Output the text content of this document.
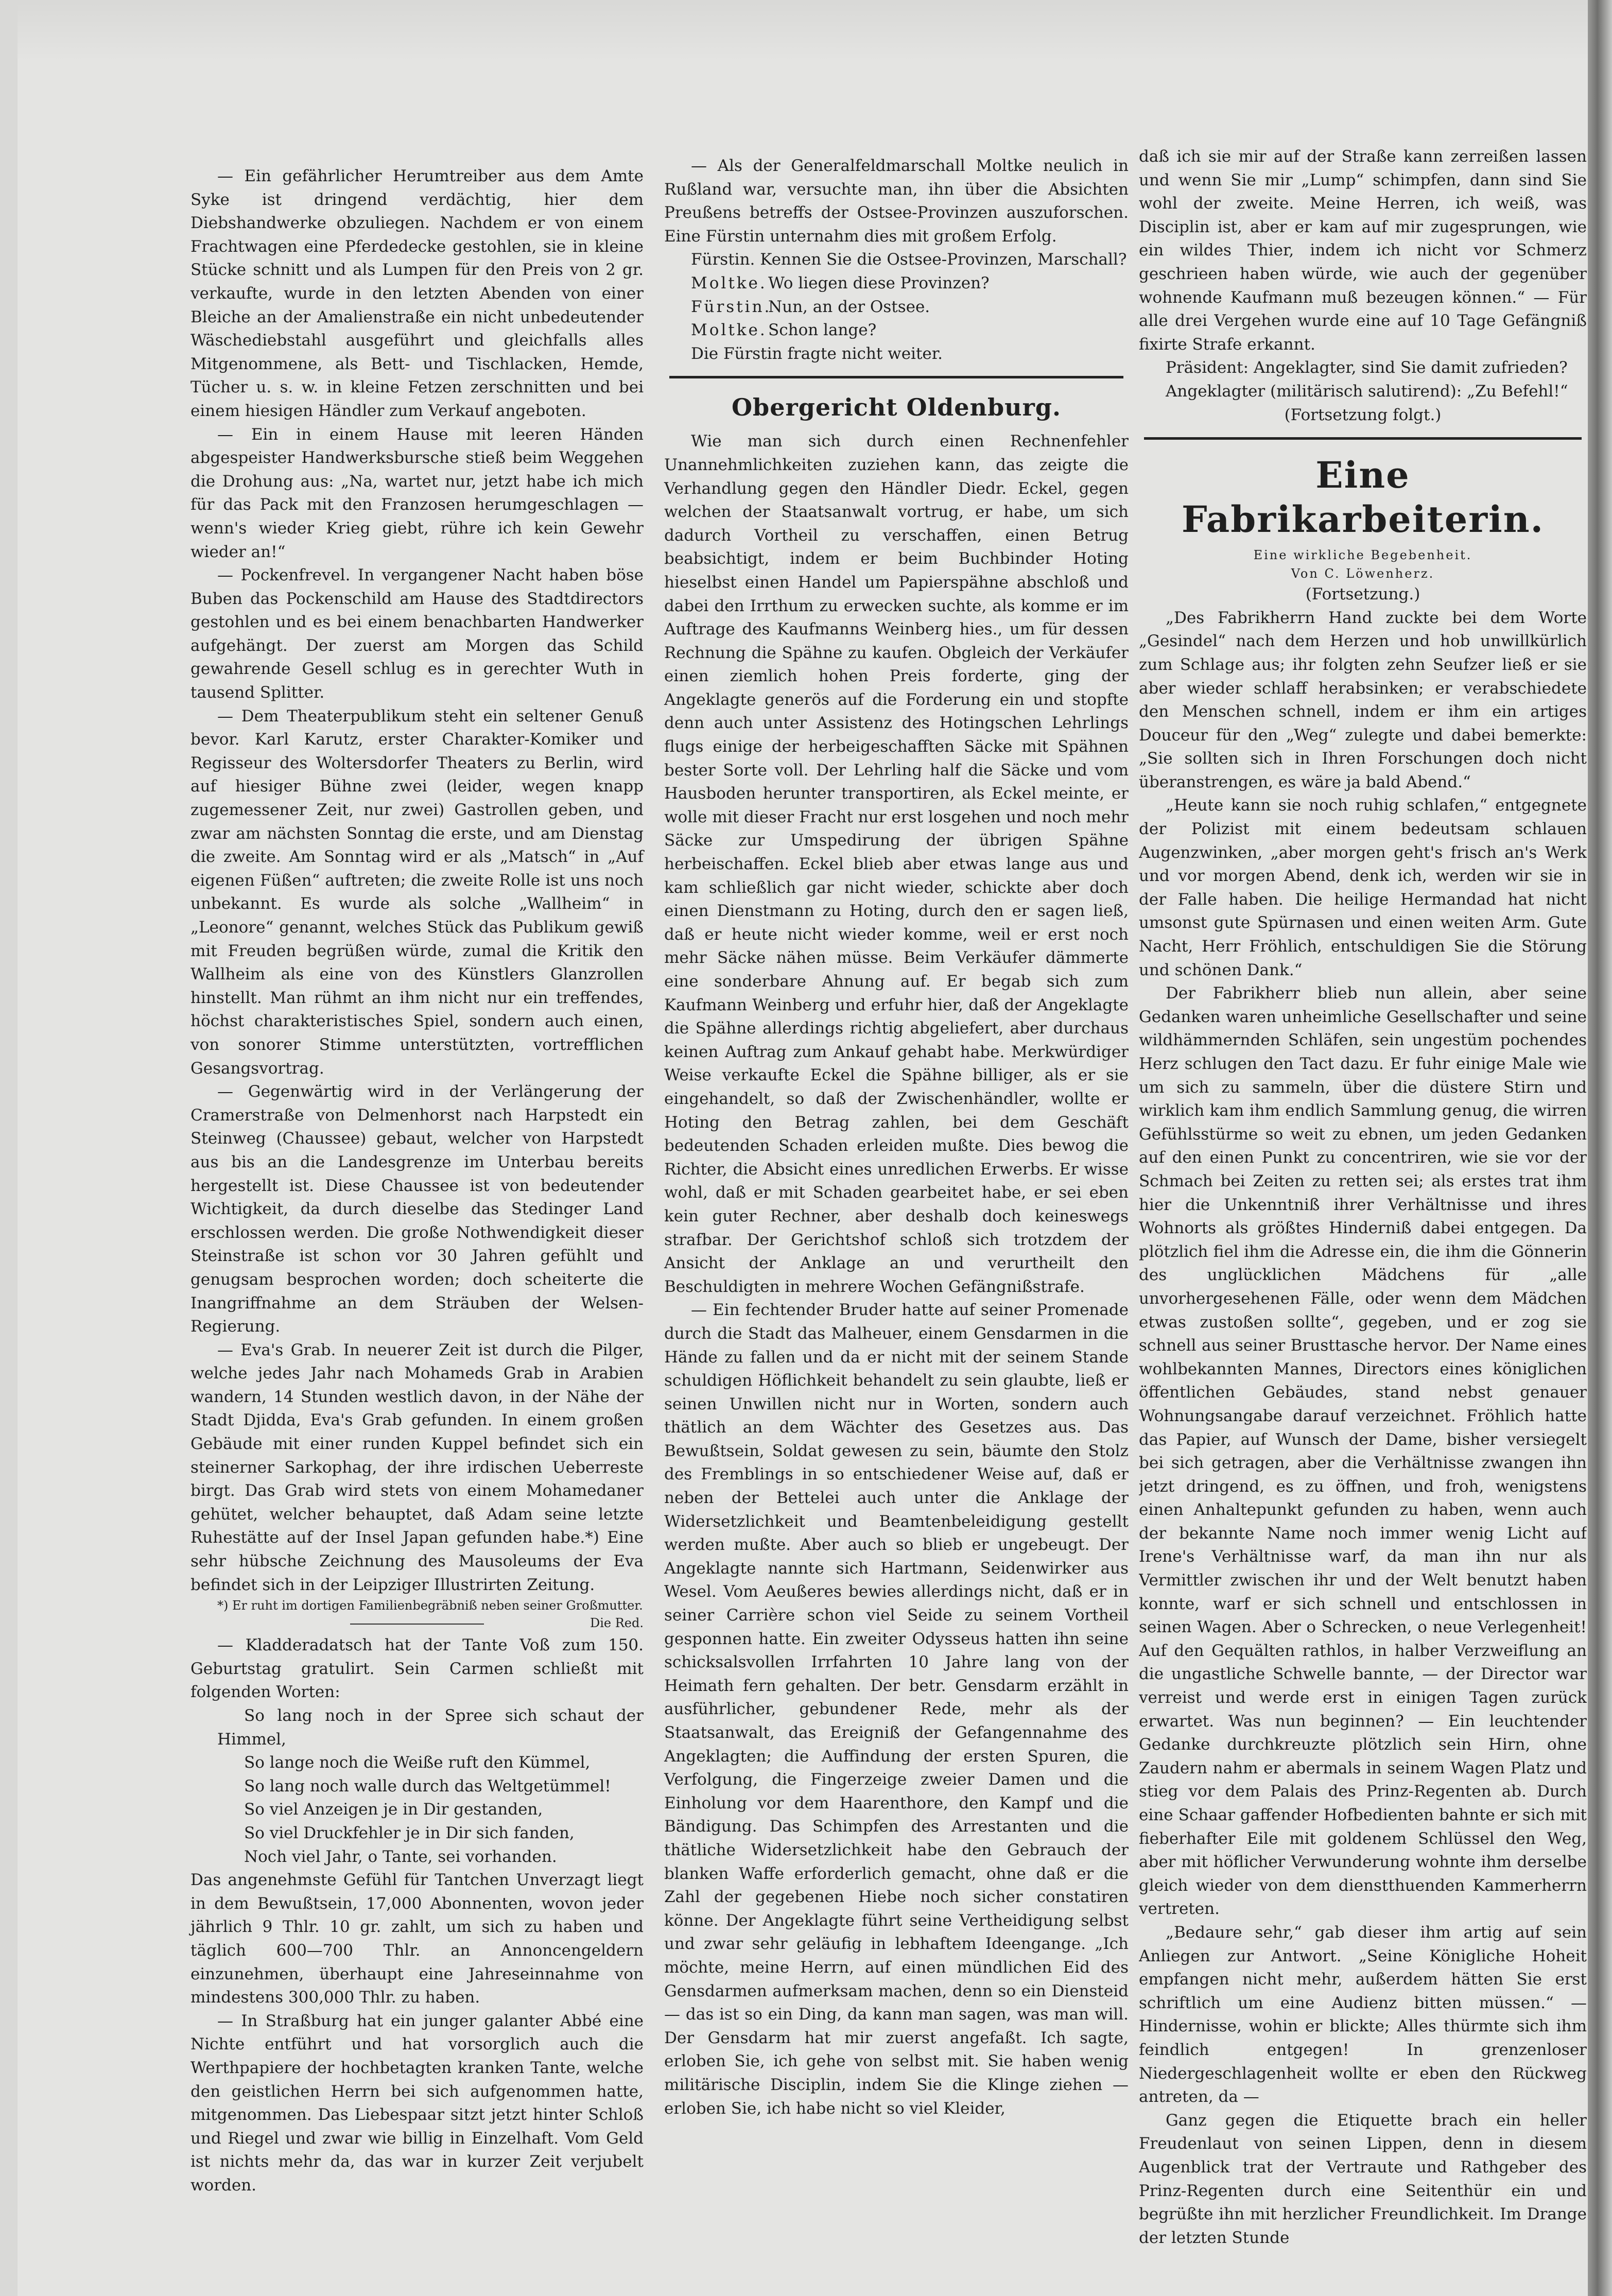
— Ein gefährlicher Herumtreiber aus dem Amte Syke ist dringend verdächtig, hier dem Diebshandwerke obzuliegen. Nachdem er von einem Frachtwagen eine Pferdedecke gestohlen, sie in kleine Stücke schnitt und als Lumpen für den Preis von 2 gr. verkaufte, wurde in den letzten Abenden von einer Bleiche an der Amalienstraße ein nicht unbedeutender Wäschediebstahl ausgeführt und gleichfalls alles Mitgenommene, als Bett- und Tischlacken, Hemde, Tücher u. s. w. in kleine Fetzen zerschnitten und bei einem hiesigen Händler zum Verkauf angeboten.

— Ein in einem Hause mit leeren Händen abgespeister Handwerksbursche stieß beim Weggehen die Drohung aus: „Na, wartet nur, jetzt habe ich mich für das Pack mit den Franzosen herumgeschlagen — wenn's wieder Krieg giebt, rühre ich kein Gewehr wieder an!“

— Pockenfrevel. In vergangener Nacht haben böse Buben das Pockenschild am Hause des Stadtdirectors gestohlen und es bei einem benachbarten Handwerker aufgehängt. Der zuerst am Morgen das Schild gewahrende Gesell schlug es in gerechter Wuth in tausend Splitter.

— Dem Theaterpublikum steht ein seltener Genuß bevor. Karl Karutz, erster Charakter-Komiker und Regisseur des Woltersdorfer Theaters zu Berlin, wird auf hiesiger Bühne zwei (leider, wegen knapp zugemessener Zeit, nur zwei) Gastrollen geben, und zwar am nächsten Sonntag die erste, und am Dienstag die zweite. Am Sonntag wird er als „Matsch“ in „Auf eigenen Füßen“ auftreten; die zweite Rolle ist uns noch unbekannt. Es wurde als solche „Wallheim“ in „Leonore“ genannt, welches Stück das Publikum gewiß mit Freuden begrüßen würde, zumal die Kritik den Wallheim als eine von des Künstlers Glanzrollen hinstellt. Man rühmt an ihm nicht nur ein treffendes, höchst charakteristisches Spiel, sondern auch einen, von sonorer Stimme unterstützten, vortrefflichen Gesangsvortrag.

— Gegenwärtig wird in der Verlängerung der Cramerstraße von Delmenhorst nach Harpstedt ein Steinweg (Chaussee) gebaut, welcher von Harpstedt aus bis an die Landesgrenze im Unterbau bereits hergestellt ist. Diese Chaussee ist von bedeutender Wichtigkeit, da durch dieselbe das Stedinger Land erschlossen werden. Die große Nothwendigkeit dieser Steinstraße ist schon vor 30 Jahren gefühlt und genugsam besprochen worden; doch scheiterte die Inangriffnahme an dem Sträuben der Welsen-Regierung.

— Eva's Grab. In neuerer Zeit ist durch die Pilger, welche jedes Jahr nach Mohameds Grab in Arabien wandern, 14 Stunden westlich davon, in der Nähe der Stadt Djidda, Eva's Grab gefunden. In einem großen Gebäude mit einer runden Kuppel befindet sich ein steinerner Sarkophag, der ihre irdischen Ueberreste birgt. Das Grab wird stets von einem Mohamedaner gehütet, welcher behauptet, daß Adam seine letzte Ruhestätte auf der Insel Japan gefunden habe.*) Eine sehr hübsche Zeichnung des Mausoleums der Eva befindet sich in der Leipziger Illustrirten Zeitung.

*) Er ruht im dortigen Familienbegräbniß neben seiner Großmutter.
Die Red.

— Kladderadatsch hat der Tante Voß zum 150. Geburtstag gratulirt. Sein Carmen schließt mit folgenden Worten:

So lang noch in der Spree sich schaut der Himmel,

So lange noch die Weiße ruft den Kümmel,

So lang noch walle durch das Weltgetümmel!

So viel Anzeigen je in Dir gestanden,

So viel Druckfehler je in Dir sich fanden,

Noch viel Jahr, o Tante, sei vorhanden.

Das angenehmste Gefühl für Tantchen Unverzagt liegt in dem Bewußtsein, 17,000 Abonnenten, wovon jeder jährlich 9 Thlr. 10 gr. zahlt, um sich zu haben und täglich 600—700 Thlr. an Annoncengeldern einzunehmen, überhaupt eine Jahreseinnahme von mindestens 300,000 Thlr. zu haben.

— In Straßburg hat ein junger galanter Abbé eine Nichte entführt und hat vorsorglich auch die Werthpapiere der hochbetagten kranken Tante, welche den geistlichen Herrn bei sich aufgenommen hatte, mitgenommen. Das Liebespaar sitzt jetzt hinter Schloß und Riegel und zwar wie billig in Einzelhaft. Vom Geld ist nichts mehr da, das war in kurzer Zeit verjubelt worden.

— Als der Generalfeldmarschall Moltke neulich in Rußland war, versuchte man, ihn über die Absichten Preußens betreffs der Ostsee-Provinzen auszuforschen. Eine Fürstin unternahm dies mit großem Erfolg.

Fürstin. Kennen Sie die Ostsee-Provinzen, Marschall?

Moltke.Wo liegen diese Provinzen?

Fürstin.Nun, an der Ostsee.

Moltke.Schon lange?

Die Fürstin fragte nicht weiter.

Obergericht Oldenburg.

Wie man sich durch einen Rechnenfehler Unannehmlichkeiten zuziehen kann, das zeigte die Verhandlung gegen den Händler Diedr. Eckel, gegen welchen der Staatsanwalt vortrug, er habe, um sich dadurch Vortheil zu verschaffen, einen Betrug beabsichtigt, indem er beim Buchbinder Hoting hieselbst einen Handel um Papierspähne abschloß und dabei den Irrthum zu erwecken suchte, als komme er im Auftrage des Kaufmanns Weinberg hies., um für dessen Rechnung die Spähne zu kaufen. Obgleich der Verkäufer einen ziemlich hohen Preis forderte, ging der Angeklagte generös auf die Forderung ein und stopfte denn auch unter Assistenz des Hotingschen Lehrlings flugs einige der herbeigeschafften Säcke mit Spähnen bester Sorte voll. Der Lehrling half die Säcke und vom Hausboden herunter transportiren, als Eckel meinte, er wolle mit dieser Fracht nur erst losgehen und noch mehr Säcke zur Umspedirung der übrigen Spähne herbeischaffen. Eckel blieb aber etwas lange aus und kam schließlich gar nicht wieder, schickte aber doch einen Dienstmann zu Hoting, durch den er sagen ließ, daß er heute nicht wieder komme, weil er erst noch mehr Säcke nähen müsse. Beim Verkäufer dämmerte eine sonderbare Ahnung auf. Er begab sich zum Kaufmann Weinberg und erfuhr hier, daß der Angeklagte die Spähne allerdings richtig abgeliefert, aber durchaus keinen Auftrag zum Ankauf gehabt habe. Merkwürdiger Weise verkaufte Eckel die Spähne billiger, als er sie eingehandelt, so daß der Zwischenhändler, wollte er Hoting den Betrag zahlen, bei dem Geschäft bedeutenden Schaden erleiden mußte. Dies bewog die Richter, die Absicht eines unredlichen Erwerbs. Er wisse wohl, daß er mit Schaden gearbeitet habe, er sei eben kein guter Rechner, aber deshalb doch keineswegs strafbar. Der Gerichtshof schloß sich trotzdem der Ansicht der Anklage an und verurtheilt den Beschuldigten in mehrere Wochen Gefängnißstrafe.

— Ein fechtender Bruder hatte auf seiner Promenade durch die Stadt das Malheuer, einem Gensdarmen in die Hände zu fallen und da er nicht mit der seinem Stande schuldigen Höflichkeit behandelt zu sein glaubte, ließ er seinen Unwillen nicht nur in Worten, sondern auch thätlich an dem Wächter des Gesetzes aus. Das Bewußtsein, Soldat gewesen zu sein, bäumte den Stolz des Fremblings in so entschiedener Weise auf, daß er neben der Bettelei auch unter die Anklage der Widersetzlichkeit und Beamtenbeleidigung gestellt werden mußte. Aber auch so blieb er ungebeugt. Der Angeklagte nannte sich Hartmann, Seidenwirker aus Wesel. Vom Aeußeres bewies allerdings nicht, daß er in seiner Carrière schon viel Seide zu seinem Vortheil gesponnen hatte. Ein zweiter Odysseus hatten ihn seine schicksalsvollen Irrfahrten 10 Jahre lang von der Heimath fern gehalten. Der betr. Gensdarm erzählt in ausführlicher, gebundener Rede, mehr als der Staatsanwalt, das Ereigniß der Gefangennahme des Angeklagten; die Auffindung der ersten Spuren, die Verfolgung, die Fingerzeige zweier Damen und die Einholung vor dem Haarenthore, den Kampf und die Bändigung. Das Schimpfen des Arrestanten und die thätliche Widersetzlichkeit habe den Gebrauch der blanken Waffe erforderlich gemacht, ohne daß er die Zahl der gegebenen Hiebe noch sicher constatiren könne. Der Angeklagte führt seine Vertheidigung selbst und zwar sehr geläufig in lebhaftem Ideengange. „Ich möchte, meine Herrn, auf einen mündlichen Eid des Gensdarmen aufmerksam machen, denn so ein Diensteid — das ist so ein Ding, da kann man sagen, was man will. Der Gensdarm hat mir zuerst angefaßt. Ich sagte, erloben Sie, ich gehe von selbst mit. Sie haben wenig militärische Disciplin, indem Sie die Klinge ziehen — erloben Sie, ich habe nicht so viel Kleider,

daß ich sie mir auf der Straße kann zerreißen lassen und wenn Sie mir „Lump“ schimpfen, dann sind Sie wohl der zweite. Meine Herren, ich weiß, was Disciplin ist, aber er kam auf mir zugesprungen, wie ein wildes Thier, indem ich nicht vor Schmerz geschrieen haben würde, wie auch der gegenüber wohnende Kaufmann muß bezeugen können.“ — Für alle drei Vergehen wurde eine auf 10 Tage Gefängniß fixirte Strafe erkannt.

Präsident: Angeklagter, sind Sie damit zufrieden?

Angeklagter (militärisch salutirend): „Zu Befehl!“

(Fortsetzung folgt.)

Eine Fabrikarbeiterin.
Eine wirkliche Begebenheit.
Von C. Löwenherz.

(Fortsetzung.)

„Des Fabrikherrn Hand zuckte bei dem Worte „Gesindel“ nach dem Herzen und hob unwillkürlich zum Schlage aus; ihr folgten zehn Seufzer ließ er sie aber wieder schlaff herabsinken; er verabschiedete den Menschen schnell, indem er ihm ein artiges Douceur für den „Weg“ zulegte und dabei bemerkte: „Sie sollten sich in Ihren Forschungen doch nicht überanstrengen, es wäre ja bald Abend.“

„Heute kann sie noch ruhig schlafen,“ entgegnete der Polizist mit einem bedeutsam schlauen Augenzwinken, „aber morgen geht's frisch an's Werk und vor morgen Abend, denk ich, werden wir sie in der Falle haben. Die heilige Hermandad hat nicht umsonst gute Spürnasen und einen weiten Arm. Gute Nacht, Herr Fröhlich, entschuldigen Sie die Störung und schönen Dank.“

Der Fabrikherr blieb nun allein, aber seine Gedanken waren unheimliche Gesellschafter und seine wildhämmernden Schläfen, sein ungestüm pochendes Herz schlugen den Tact dazu. Er fuhr einige Male wie um sich zu sammeln, über die düstere Stirn und wirklich kam ihm endlich Sammlung genug, die wirren Gefühlsstürme so weit zu ebnen, um jeden Gedanken auf den einen Punkt zu concentriren, wie sie vor der Schmach bei Zeiten zu retten sei; als erstes trat ihm hier die Unkenntniß ihrer Verhältnisse und ihres Wohnorts als größtes Hinderniß dabei entgegen. Da plötzlich fiel ihm die Adresse ein, die ihm die Gönnerin des unglücklichen Mädchens für „alle unvorhergesehenen Fälle, oder wenn dem Mädchen etwas zustoßen sollte“, gegeben, und er zog sie schnell aus seiner Brusttasche hervor. Der Name eines wohlbekannten Mannes, Directors eines königlichen öffentlichen Gebäudes, stand nebst genauer Wohnungsangabe darauf verzeichnet. Fröhlich hatte das Papier, auf Wunsch der Dame, bisher versiegelt bei sich getragen, aber die Verhältnisse zwangen ihn jetzt dringend, es zu öffnen, und froh, wenigstens einen Anhaltepunkt gefunden zu haben, wenn auch der bekannte Name noch immer wenig Licht auf Irene's Verhältnisse warf, da man ihn nur als Vermittler zwischen ihr und der Welt benutzt haben konnte, warf er sich schnell und entschlossen in seinen Wagen. Aber o Schrecken, o neue Verlegenheit! Auf den Gequälten rathlos, in halber Verzweiflung an die ungastliche Schwelle bannte, — der Director war verreist und werde erst in einigen Tagen zurück erwartet. Was nun beginnen? — Ein leuchtender Gedanke durchkreuzte plötzlich sein Hirn, ohne Zaudern nahm er abermals in seinem Wagen Platz und stieg vor dem Palais des Prinz-Regenten ab. Durch eine Schaar gaffender Hofbedienten bahnte er sich mit fieberhafter Eile mit goldenem Schlüssel den Weg, aber mit höflicher Verwunderung wohnte ihm derselbe gleich wieder von dem dienstthuenden Kammerherrn vertreten.

„Bedaure sehr,“ gab dieser ihm artig auf sein Anliegen zur Antwort. „Seine Königliche Hoheit empfangen nicht mehr, außerdem hätten Sie erst schriftlich um eine Audienz bitten müssen.“ — Hindernisse, wohin er blickte; Alles thürmte sich ihm feindlich entgegen! In grenzenloser Niedergeschlagenheit wollte er eben den Rückweg antreten, da —

Ganz gegen die Etiquette brach ein heller Freudenlaut von seinen Lippen, denn in diesem Augenblick trat der Vertraute und Rathgeber des Prinz-Regenten durch eine Seitenthür ein und begrüßte ihn mit herzlicher Freundlichkeit. Im Drange der letzten Stunde
